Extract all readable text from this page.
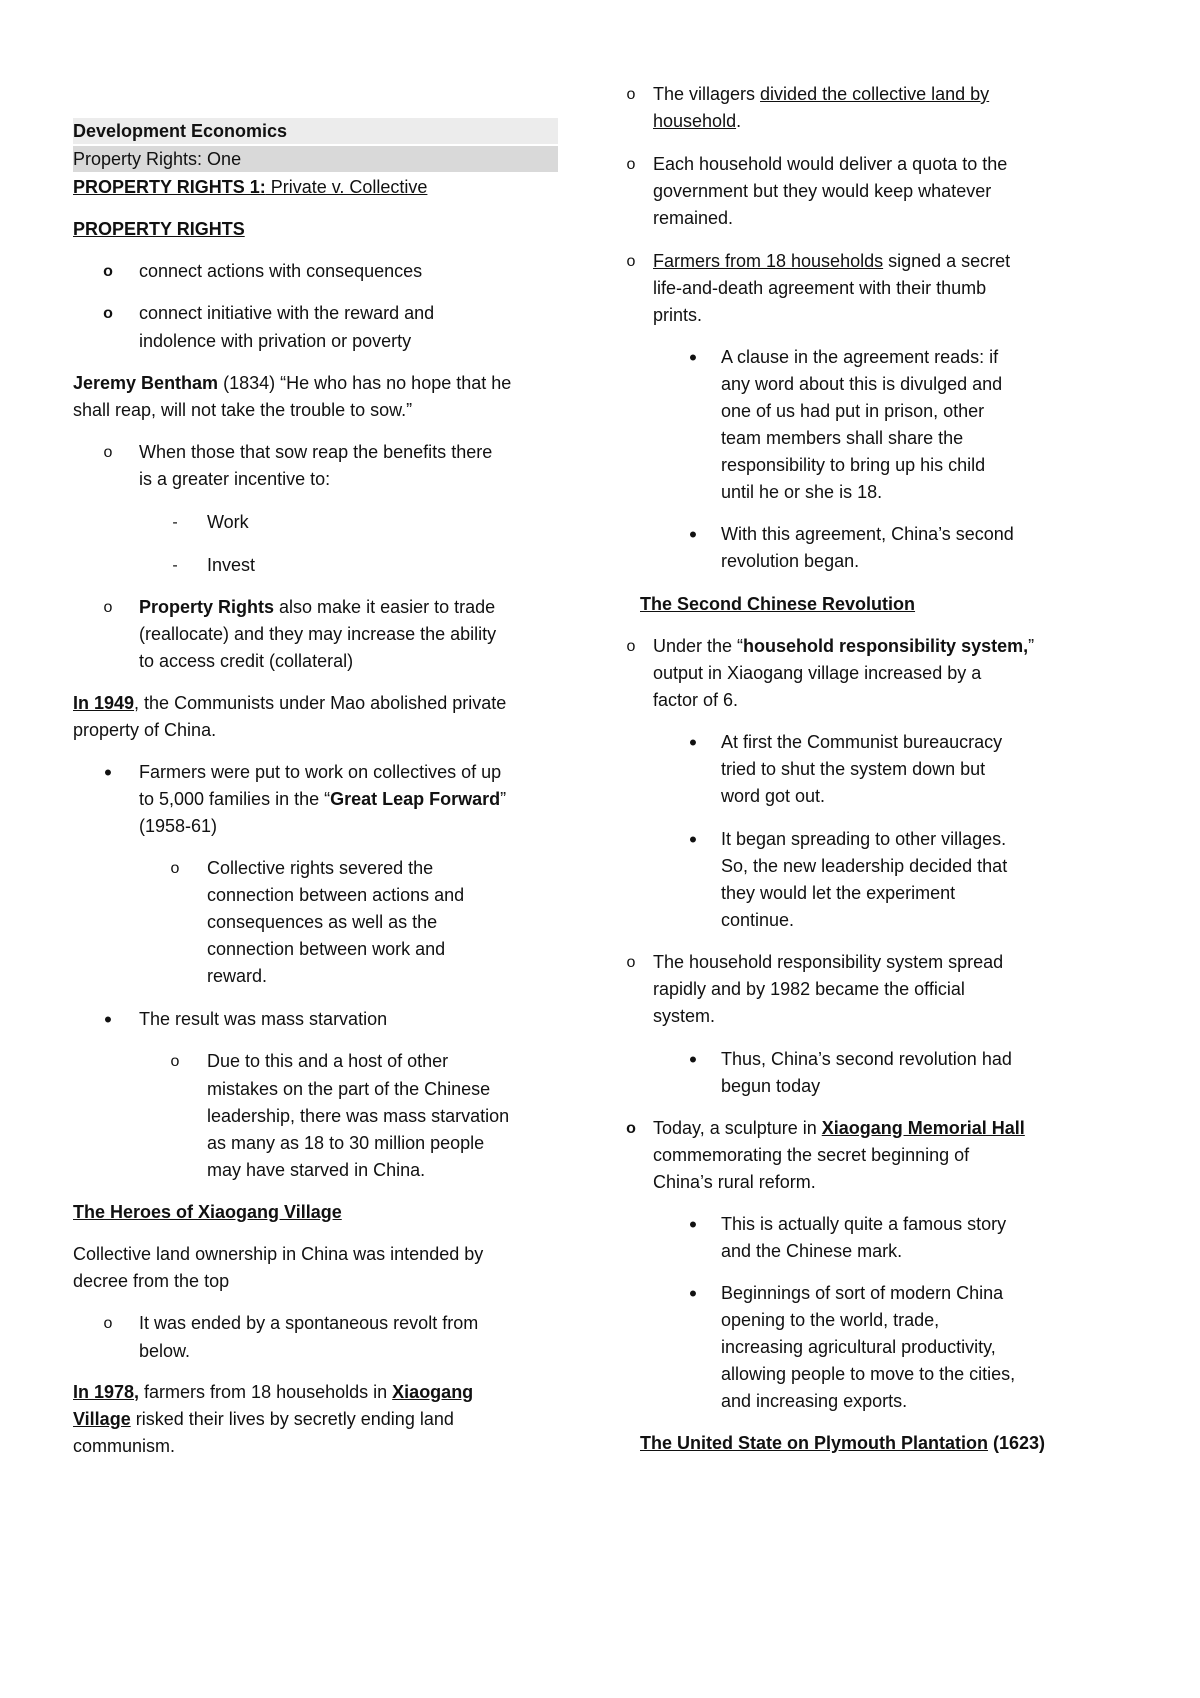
Development Economics
Property Rights: One
PROPERTY RIGHTS 1: Private v. Collective
PROPERTY RIGHTS
o	connect actions with consequences
o	connect initiative with the reward and
indolence with privation or poverty
Jeremy Bentham (1834) “He who has no hope that he
shall reap, will not take the trouble to sow.”
o	When those that sow reap the benefits there
is a greater incentive to:
-	Work
-	Invest
o	Property Rights also make it easier to trade
(reallocate) and they may increase the ability
to access credit (collateral)
In 1949, the Communists under Mao abolished private
property of China.
•	Farmers were put to work on collectives of up
to 5,000 families in the “Great Leap Forward”
(1958-61)
o	Collective rights severed the
connection between actions and
consequences as well as the
connection between work and
reward.
•	The result was mass starvation
o	Due to this and a host of other
mistakes on the part of the Chinese
leadership, there was mass starvation
as many as 18 to 30 million people
may have starved in China.
The Heroes of Xiaogang Village
Collective land ownership in China was intended by
decree from the top
o	It was ended by a spontaneous revolt from
below.
In 1978, farmers from 18 households in Xiaogang
Village risked their lives by secretly ending land
communism.
o The villagers divided the collective land by
household.
o Each household would deliver a quota to the
government but they would keep whatever
remained.
o Farmers from 18 households signed a secret
life-and-death agreement with their thumb
prints.
•	A clause in the agreement reads: if
any word about this is divulged and
one of us had put in prison, other
team members shall share the
responsibility to bring up his child
until he or she is 18.
•	With this agreement, China’s second
revolution began.
The Second Chinese Revolution
o Under the “household responsibility system,”
output in Xiaogang village increased by a
factor of 6.
•	At first the Communist bureaucracy
tried to shut the system down but
word got out.
•	It began spreading to other villages.
So, the new leadership decided that
they would let the experiment
continue.
o The household responsibility system spread
rapidly and by 1982 became the official
system.
•	Thus, China’s second revolution had
begun today
o Today, a sculpture in Xiaogang Memorial Hall
commemorating the secret beginning of
China’s rural reform.
•	This is actually quite a famous story
and the Chinese mark.
•	Beginnings of sort of modern China
opening to the world, trade,
increasing agricultural productivity,
allowing people to move to the cities,
and increasing exports.
The United State on Plymouth Plantation (1623)
